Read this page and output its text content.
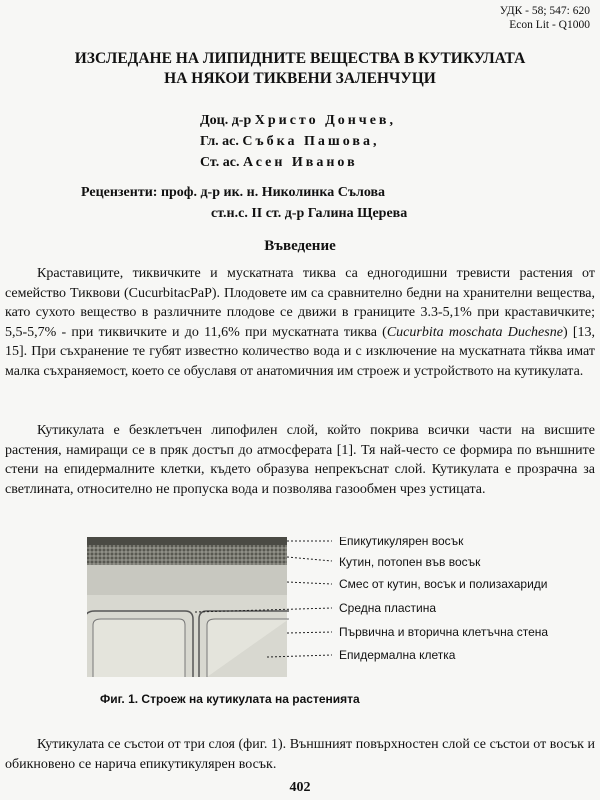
УДК - 58; 547: 620
Econ Lit - Q1000
ИЗСЛЕДАНЕ НА ЛИПИДНИТЕ ВЕЩЕСТВА В КУТИКУЛАТА
НА НЯКОИ ТИКВЕНИ ЗАЛЕНЧУЦИ
Доц. д-р Христо Дончев,
Гл. ас. Събка Пашова,
Ст. ас. Асен Иванов
Рецензенти: проф. д-р ик. н. Николинка Сълова
ст.н.с. II ст. д-р Галина Щерева
Въведение

Краставиците, тиквичките и мускатната тиква са едногодишни тревисти растения от семейство Тиквови (CucurbitacPaP). Плодовете им са сравнително бедни на хранителни вещества, като сухото вещество в различните плодове се движи в границите 3.3-5,1% при краставичките; 5,5-5,7% - при тиквичките и до 11,6% при мускатната тиква (Cucurbita moschata Duchesne) [13, 15]. При съхранение те губят известно количество вода и с изключение на мускатната тйква имат малка съхраняемост, което се обуславя от анатомичния им строеж и устройството на кутикулата.

Кутикулата е безклетъчен липофилен слой, който покрива всички части на висшите растения, намиращи се в пряк достъп до атмосферата [1]. Тя най-често се формира по външните стени на епидермалните клетки, където образува непрекъснат слой. Кутикулата е прозрачна за светлината, относително не пропуска вода и позволява газообмен чрез устицата.

Епикутикулярен восък
Кутин, потопен във восък
Смес от кутин, восък и полизахариди
Средна пластина
Първична и вторична клетъчна стена
Епидермална клетка
Фиг. 1. Строеж на кутикулата на растенията

Кутикулата се състои от три слоя (фиг. 1). Външният повърхностен слой се състои от восък и обикновено се нарича епикутикулярен восък.

402
